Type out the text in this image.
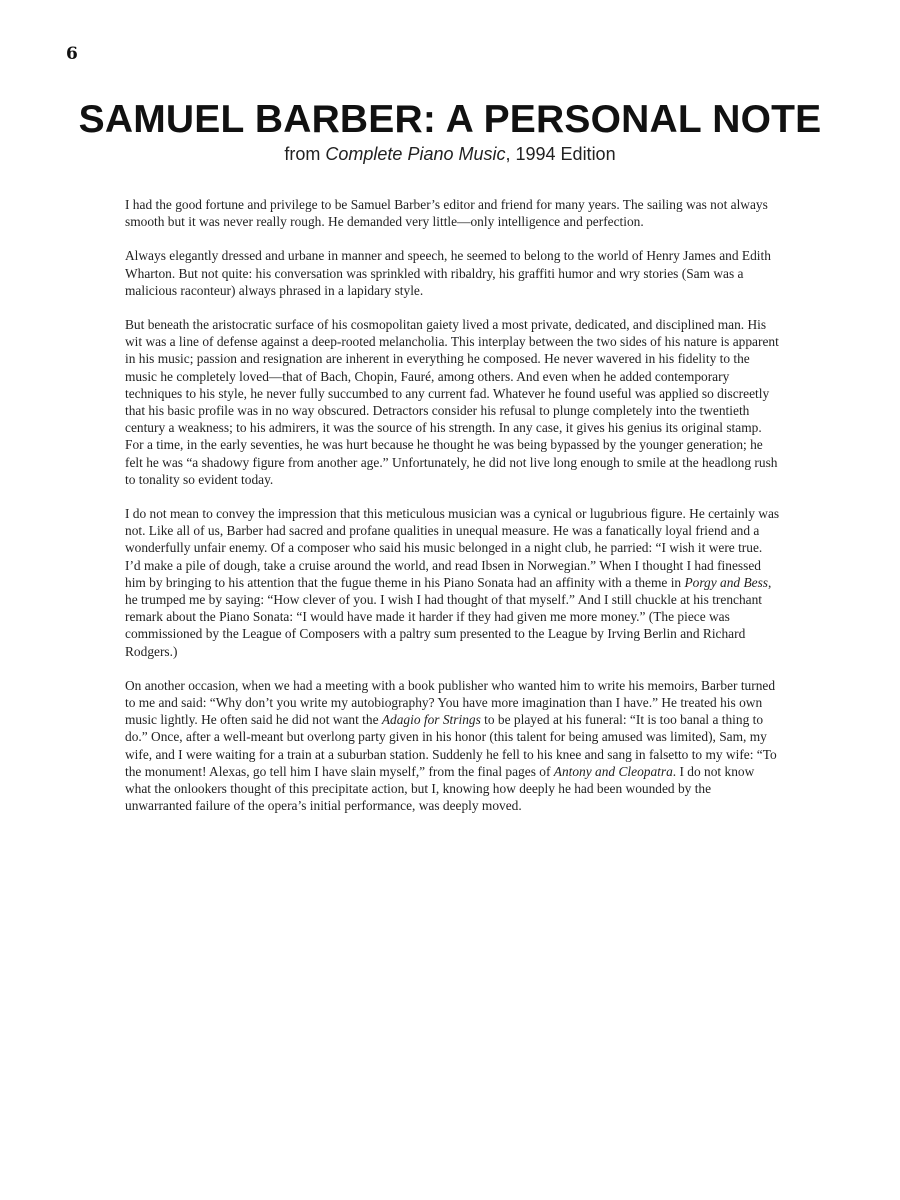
6
SAMUEL BARBER: A PERSONAL NOTE
from Complete Piano Music, 1994 Edition

I had the good fortune and privilege to be Samuel Barber’s editor and friend for many years. The sailing was not always smooth but it was never really rough. He demanded very little—only intelligence and perfection.

Always elegantly dressed and urbane in manner and speech, he seemed to belong to the world of Henry James and Edith Wharton. But not quite: his conversation was sprinkled with ribaldry, his graffiti humor and wry stories (Sam was a malicious raconteur) always phrased in a lapidary style.

But beneath the aristocratic surface of his cosmopolitan gaiety lived a most private, dedicated, and disciplined man. His wit was a line of defense against a deep-rooted melancholia. This interplay between the two sides of his nature is apparent in his music; passion and resignation are inherent in everything he composed. He never wavered in his fidelity to the music he completely loved—that of Bach, Chopin, Fauré, among others. And even when he added contemporary techniques to his style, he never fully succumbed to any current fad. Whatever he found useful was applied so discreetly that his basic profile was in no way obscured. Detractors consider his refusal to plunge completely into the twentieth century a weakness; to his admirers, it was the source of his strength. In any case, it gives his genius its original stamp. For a time, in the early seventies, he was hurt because he thought he was being bypassed by the younger generation; he felt he was “a shadowy figure from another age.” Unfortunately, he did not live long enough to smile at the headlong rush to tonality so evident today.

I do not mean to convey the impression that this meticulous musician was a cynical or lugubrious figure. He certainly was not. Like all of us, Barber had sacred and profane qualities in unequal measure. He was a fanatically loyal friend and a wonderfully unfair enemy. Of a composer who said his music belonged in a night club, he parried: “I wish it were true. I’d make a pile of dough, take a cruise around the world, and read Ibsen in Norwegian.” When I thought I had finessed him by bringing to his attention that the fugue theme in his Piano Sonata had an affinity with a theme in Porgy and Bess, he trumped me by saying: “How clever of you. I wish I had thought of that myself.” And I still chuckle at his trenchant remark about the Piano Sonata: “I would have made it harder if they had given me more money.” (The piece was commissioned by the League of Composers with a paltry sum presented to the League by Irving Berlin and Richard Rodgers.)

On another occasion, when we had a meeting with a book publisher who wanted him to write his memoirs, Barber turned to me and said: “Why don’t you write my autobiography? You have more imagination than I have.” He treated his own music lightly. He often said he did not want the Adagio for Strings to be played at his funeral: “It is too banal a thing to do.” Once, after a well-meant but overlong party given in his honor (this talent for being amused was limited), Sam, my wife, and I were waiting for a train at a suburban station. Suddenly he fell to his knee and sang in falsetto to my wife: “To the monument! Alexas, go tell him I have slain myself,” from the final pages of Antony and Cleopatra. I do not know what the onlookers thought of this precipitate action, but I, knowing how deeply he had been wounded by the unwarranted failure of the opera’s initial performance, was deeply moved.
